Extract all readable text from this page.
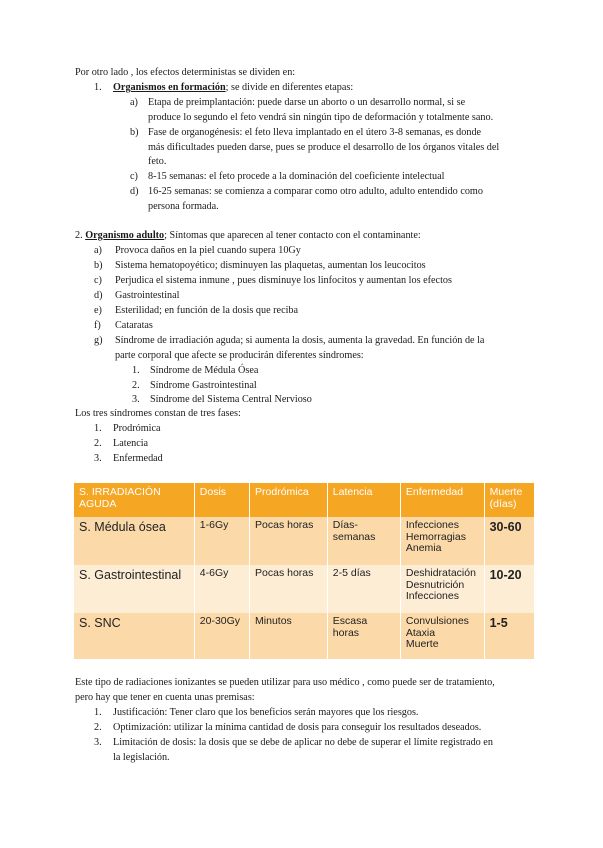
Por otro lado , los efectos deterministas se dividen en:
1. Organismos en formación; se divide en diferentes etapas:
a) Etapa de preimplantación: puede darse un aborto o un desarrollo normal, si se
produce lo segundo el feto vendrá sin ningún tipo de deformación y totalmente sano.
b) Fase de organogénesis: el feto lleva implantado en el útero 3-8 semanas, es donde
más dificultades pueden darse, pues se produce el desarrollo de los órganos vitales del
feto.
c) 8-15 semanas: el feto procede a la dominación del coeficiente intelectual
d) 16-25 semanas: se comienza a comparar como otro adulto, adulto entendido como
persona formada.
2. Organismo adulto; Síntomas que aparecen al tener contacto con el contaminante:
a) Provoca daños en la piel cuando supera 10Gy
b) Sistema hematopoyético; disminuyen las plaquetas, aumentan los leucocitos
c) Perjudica el sistema inmune , pues disminuye los linfocitos y aumentan los efectos
d) Gastrointestinal
e) Esterilidad; en función de la dosis que reciba
f) Cataratas
g) Síndrome de irradiación aguda; si aumenta la dosis, aumenta la gravedad. En función de la
parte corporal que afecte se producirán diferentes síndromes:
1. Síndrome de Médula Ósea
2. Síndrome Gastrointestinal
3. Síndrome del Sistema Central Nervioso
Los tres síndromes constan de tres fases:
1. Prodrómica
2. Latencia
3. Enfermedad
S. IRRADIACIÓN AGUDA	Dosis	Prodrómica	Latencia	Enfermedad	Muerte (días)
S. Médula ósea	1-6Gy	Pocas horas	Días-semanas	Infecciones
Hemorragias
Anemia	30-60
S. Gastrointestinal	4-6Gy	Pocas horas	2-5 días	Deshidratación
Desnutrición
Infecciones	10-20
S. SNC	20-30Gy	Minutos	Escasa horas	Convulsiones
Ataxia
Muerte	1-5
Este tipo de radiaciones ionizantes se pueden utilizar para uso médico , como puede ser de tratamiento,
pero hay que tener en cuenta unas premisas:
1. Justificación: Tener claro que los beneficios serán mayores que los riesgos.
2. Optimización: utilizar la mínima cantidad de dosis para conseguir los resultados deseados.
3. Limitación de dosis: la dosis que se debe de aplicar no debe de superar el límite registrado en
la legislación.
